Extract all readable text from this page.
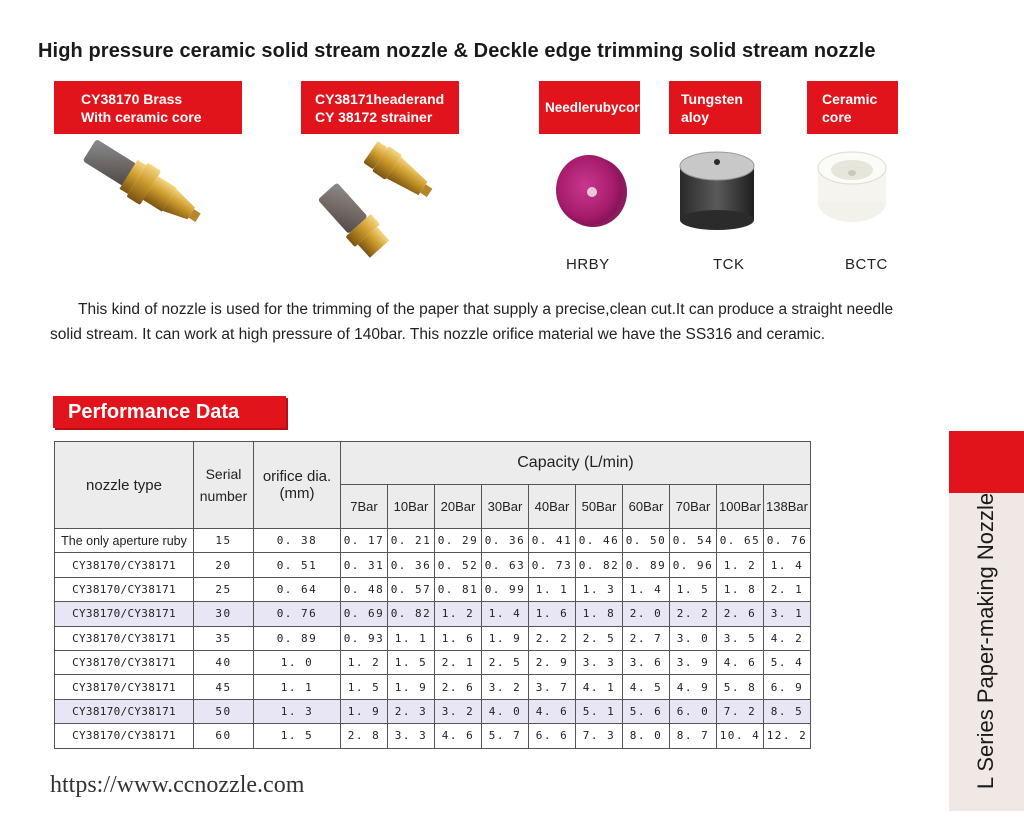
High pressure ceramic solid stream nozzle & Deckle edge trimming solid stream nozzle
CY38170 Brass
With ceramic core
CY38171headerand
CY 38172 strainer
Needlerubycore
Tungsten
aloy
Ceramic
core
HRBY	TCK	BCTC

This kind of nozzle is used for the trimming of the paper that supply a precise,clean cut.It can produce a straight needle solid stream. It can work at high pressure of 140bar. This nozzle orifice material we have the SS316 and ceramic.

Performance Data
nozzle type	Serial number	orifice dia.(mm)	Capacity (L/min)									
			7Bar	10Bar	20Bar	30Bar	40Bar	50Bar	60Bar	70Bar	100Bar	138Bar
The only aperture ruby	15	0. 38	0. 17	0. 21	0. 29	0. 36	0. 41	0. 46	0. 50	0. 54	0. 65	0. 76
CY38170/CY38171	20	0. 51	0. 31	0. 36	0. 52	0. 63	0. 73	0. 82	0. 89	0. 96	1. 2	1. 4
CY38170/CY38171	25	0. 64	0. 48	0. 57	0. 81	0. 99	1. 1	1. 3	1. 4	1. 5	1. 8	2. 1
CY38170/CY38171	30	0. 76	0. 69	0. 82	1. 2	1. 4	1. 6	1. 8	2. 0	2. 2	2. 6	3. 1
CY38170/CY38171	35	0. 89	0. 93	1. 1	1. 6	1. 9	2. 2	2. 5	2. 7	3. 0	3. 5	4. 2
CY38170/CY38171	40	1. 0	1. 2	1. 5	2. 1	2. 5	2. 9	3. 3	3. 6	3. 9	4. 6	5. 4
CY38170/CY38171	45	1. 1	1. 5	1. 9	2. 6	3. 2	3. 7	4. 1	4. 5	4. 9	5. 8	6. 9
CY38170/CY38171	50	1. 3	1. 9	2. 3	3. 2	4. 0	4. 6	5. 1	5. 6	6. 0	7. 2	8. 5
CY38170/CY38171	60	1. 5	2. 8	3. 3	4. 6	5. 7	6. 6	7. 3	8. 0	8. 7	10. 4	12. 2
https://www.ccnozzle.com	L Series Paper-making Nozzle
